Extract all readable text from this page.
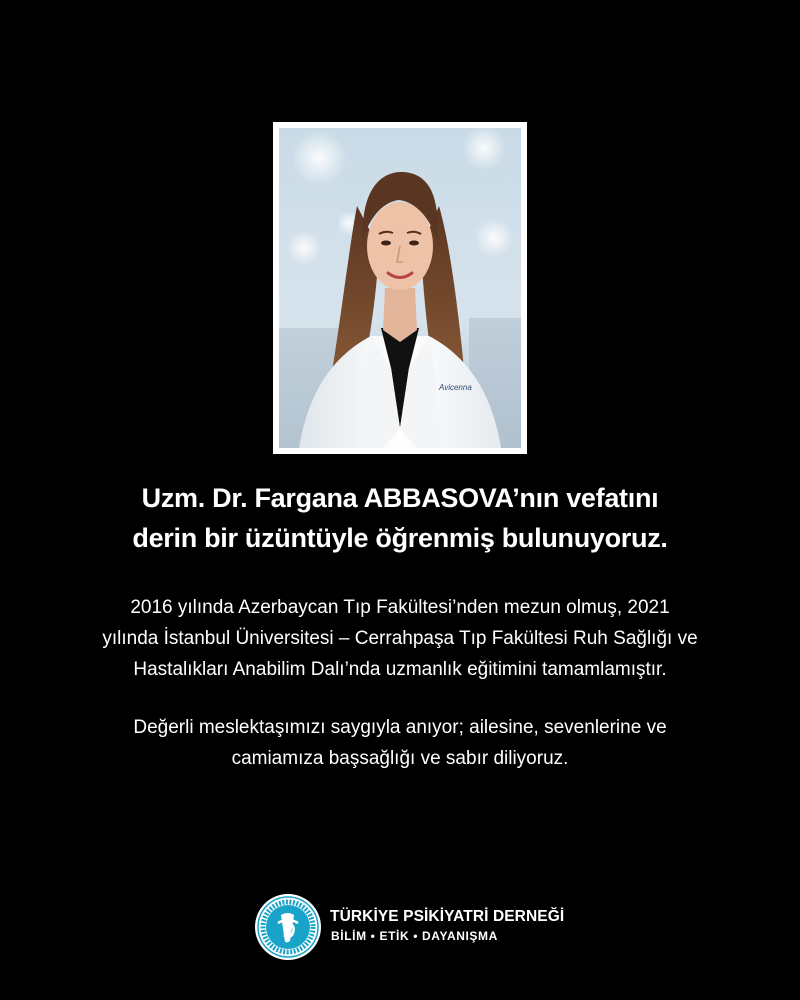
Avicenna
Uzm. Dr. Fargana ABBASOVA’nın vefatını
derin bir üzüntüyle öğrenmiş bulunuyoruz.
2016 yılında Azerbaycan Tıp Fakültesi’nden mezun olmuş, 2021
yılında İstanbul Üniversitesi – Cerrahpaşa Tıp Fakültesi Ruh Sağlığı ve
Hastalıkları Anabilim Dalı’nda uzmanlık eğitimini tamamlamıştır.
Değerli meslektaşımızı saygıyla anıyor; ailesine, sevenlerine ve
camiamıza başsağlığı ve sabır diliyoruz.
TÜRKİYE PSİKİYATRİ DERNEĞİ
BİLİM • ETİK • DAYANIŞMA
